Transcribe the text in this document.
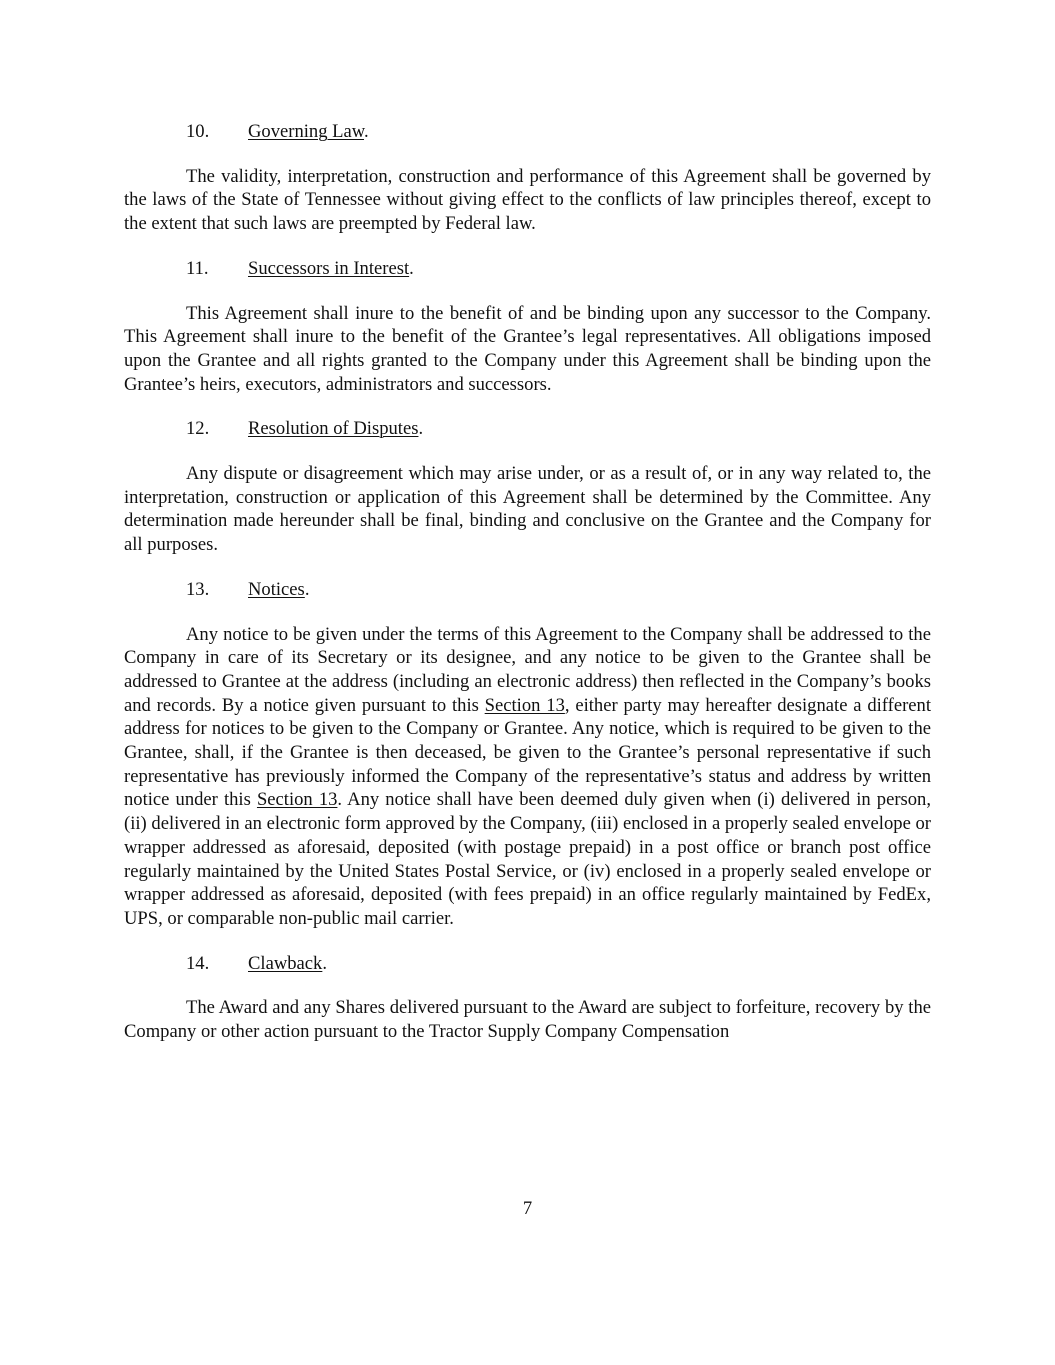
10. Governing Law.

The validity, interpretation, construction and performance of this Agreement shall be governed by the laws of the State of Tennessee without giving effect to the conflicts of law principles thereof, except to the extent that such laws are preempted by Federal law.

11. Successors in Interest.

This Agreement shall inure to the benefit of and be binding upon any successor to the Company. This Agreement shall inure to the benefit of the Grantee’s legal representatives. All obligations imposed upon the Grantee and all rights granted to the Company under this Agreement shall be binding upon the Grantee’s heirs, executors, administrators and successors.

12. Resolution of Disputes.

Any dispute or disagreement which may arise under, or as a result of, or in any way related to, the interpretation, construction or application of this Agreement shall be determined by the Committee. Any determination made hereunder shall be final, binding and conclusive on the Grantee and the Company for all purposes.

13. Notices.

Any notice to be given under the terms of this Agreement to the Company shall be addressed to the Company in care of its Secretary or its designee, and any notice to be given to the Grantee shall be addressed to Grantee at the address (including an electronic address) then reflected in the Company’s books and records. By a notice given pursuant to this Section 13, either party may hereafter designate a different address for notices to be given to the Company or Grantee. Any notice, which is required to be given to the Grantee, shall, if the Grantee is then deceased, be given to the Grantee’s personal representative if such representative has previously informed the Company of the representative’s status and address by written notice under this Section 13. Any notice shall have been deemed duly given when (i) delivered in person, (ii) delivered in an electronic form approved by the Company, (iii) enclosed in a properly sealed envelope or wrapper addressed as aforesaid, deposited (with postage prepaid) in a post office or branch post office regularly maintained by the United States Postal Service, or (iv) enclosed in a properly sealed envelope or wrapper addressed as aforesaid, deposited (with fees prepaid) in an office regularly maintained by FedEx, UPS, or comparable non-public mail carrier.

14. Clawback.

The Award and any Shares delivered pursuant to the Award are subject to forfeiture, recovery by the Company or other action pursuant to the Tractor Supply Company Compensation

7
